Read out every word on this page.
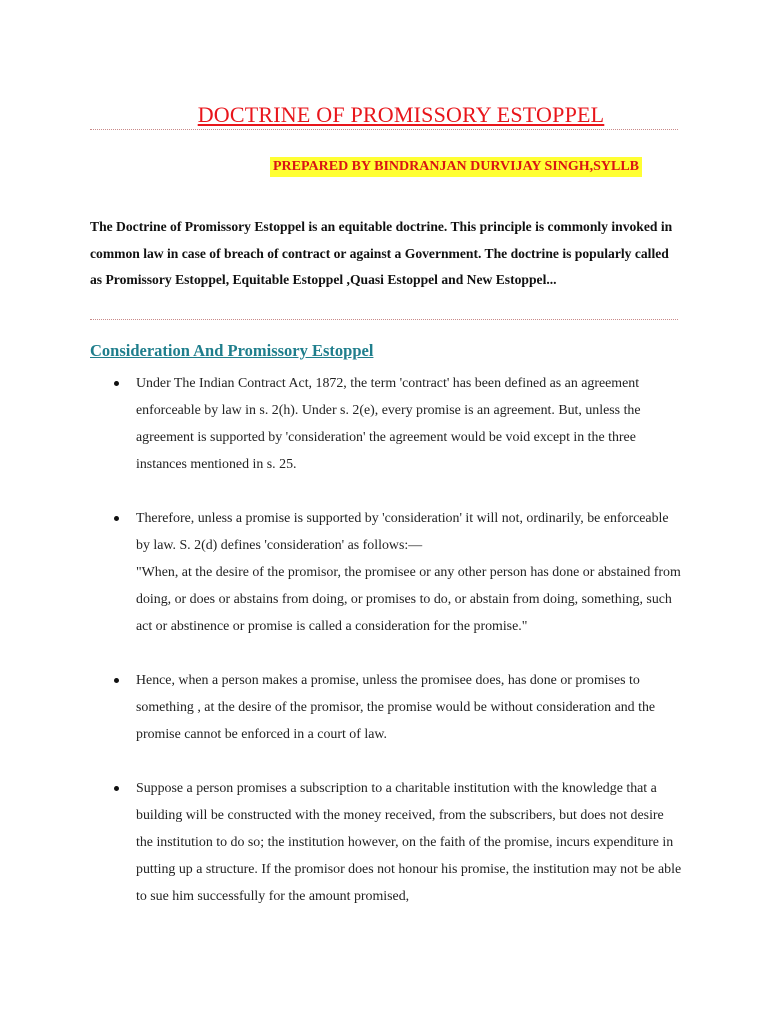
DOCTRINE OF PROMISSORY ESTOPPEL
PREPARED BY BINDRANJAN DURVIJAY SINGH,SYLLB

The Doctrine of Promissory Estoppel is an equitable doctrine. This principle is commonly invoked in common law in case of breach of contract or against a Government. The doctrine is popularly called as Promissory Estoppel, Equitable Estoppel ,Quasi Estoppel and New Estoppel...

Consideration And Promissory Estoppel

Under The Indian Contract Act, 1872, the term 'contract' has been defined as an agreement enforceable by law in s. 2(h). Under s. 2(e), every promise is an agreement. But, unless the agreement is supported by 'consideration' the agreement would be void except in the three instances mentioned in s. 25.

Therefore, unless a promise is supported by 'consideration' it will not, ordinarily, be enforceable by law. S. 2(d) defines 'consideration' as follows:—

"When, at the desire of the promisor, the promisee or any other person has done or abstained from doing, or does or abstains from doing, or promises to do, or abstain from doing, something, such act or abstinence or promise is called a consideration for the promise."

Hence, when a person makes a promise, unless the promisee does, has done or promises to something , at the desire of the promisor, the promise would be without consideration and the promise cannot be enforced in a court of law.

Suppose a person promises a subscription to a charitable institution with the knowledge that a building will be constructed with the money received, from the subscribers, but does not desire the institution to do so; the institution however, on the faith of the promise, incurs expenditure in putting up a structure. If the promisor does not honour his promise, the institution may not be able to sue him successfully for the amount promised,
